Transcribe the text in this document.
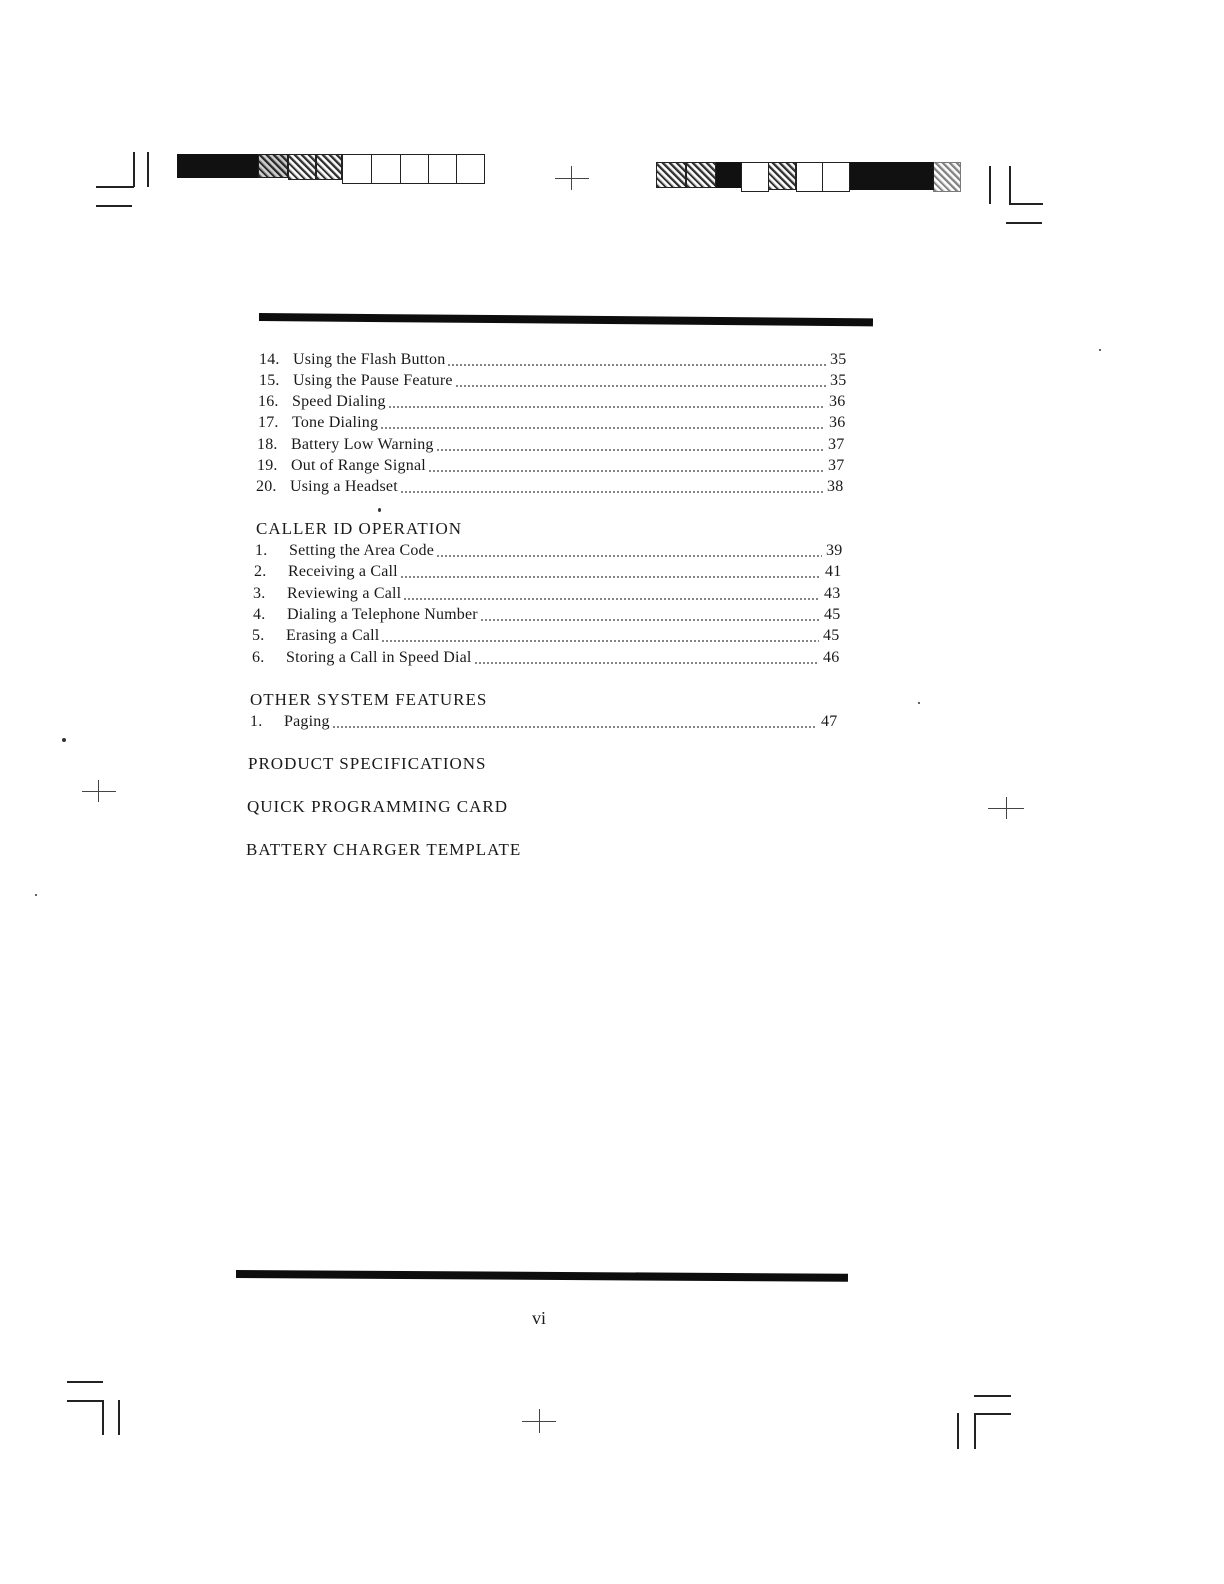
14. Using the Flash Button	35
15. Using the Pause Feature	35
16. Speed Dialing	36
17. Tone Dialing	36
18. Battery Low Warning	37
19. Out of Range Signal	37
20. Using a Headset	38
CALLER ID OPERATION
1.	Setting the Area Code	39
2.	Receiving a Call	41
3.	Reviewing a Call	43
4.	Dialing a Telephone Number	45
5.	Erasing a Call	45
6.	Storing a Call in Speed Dial	46
OTHER SYSTEM FEATURES
1.	Paging	47
PRODUCT SPECIFICATIONS
QUICK PROGRAMMING CARD
BATTERY CHARGER TEMPLATE
vi
